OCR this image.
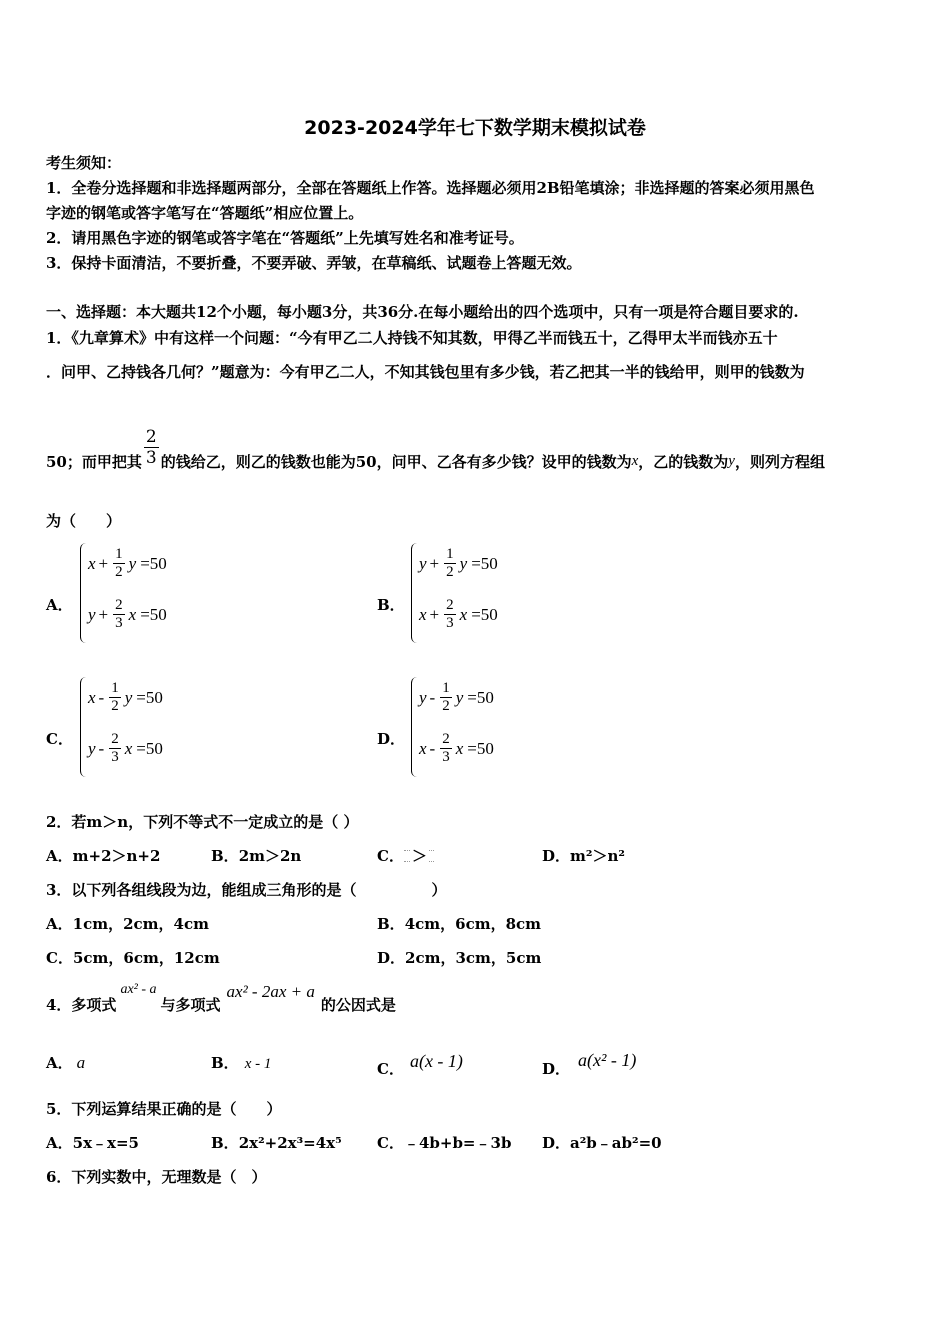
2023-2024学年七下数学期末模拟试卷
考生须知：
1．全卷分选择题和非选择题两部分，全部在答题纸上作答。选择题必须用2B铅笔填涂；非选择题的答案必须用黑色
字迹的钢笔或答字笔写在“答题纸”相应位置上。
2．请用黑色字迹的钢笔或答字笔在“答题纸”上先填写姓名和准考证号。
3．保持卡面清洁，不要折叠，不要弄破、弄皱，在草稿纸、试题卷上答题无效。
一、选择题：本大题共12个小题，每小题3分，共36分.在每小题给出的四个选项中，只有一项是符合题目要求的.
1．《九章算术》中有这样一个问题：“今有甲乙二人持钱不知其数，甲得乙半而钱五十，乙得甲太半而钱亦五十
．问甲、乙持钱各几何？”题意为：今有甲乙二人，不知其钱包里有多少钱，若乙把其一半的钱给甲，则甲的钱数为
50；而甲把其 $\frac{2}{3}$ 的钱给乙，则乙的钱数也能为50，问甲、乙各有多少钱？设甲的钱数为 x ，乙的钱数为 y ，则列方程组
为（　　）
A．
$x + \frac{1}{2}$ y =50
$y + \frac{2}{3}$ x =50	B．
$y + \frac{1}{2}$ y =50
$x + \frac{2}{3}$ x =50
C．
x - $\frac{1}{2}$ y =50
y - $\frac{2}{3}$ x =50	D．
y - $\frac{1}{2}$ y =50
x - $\frac{2}{3}$ x =50
2．若m＞n，下列不等式不一定成立的是（ ）
A．m+2＞n+2	B．2m＞2n	C． ＞	D．m²＞n²
3．以下列各组线段为边，能组成三角形的是（　　　　　）
A．1cm，2cm，4cm	B．4cm，6cm，8cm
C．5cm，6cm，12cm	D．2cm，3cm，5cm
4．多项式
ax² - a
与多项式
ax² - 2ax + a
的公因式是
A． a	B． x - 1	C． a(x - 1)	D． a(x² - 1)
5．下列运算结果正确的是（　　）
A．5x﹣x=5	B．2x²+2x³=4x⁵ C．﹣4b+b=﹣3b D．a²b﹣ab²=0
6．下列实数中，无理数是（　）
